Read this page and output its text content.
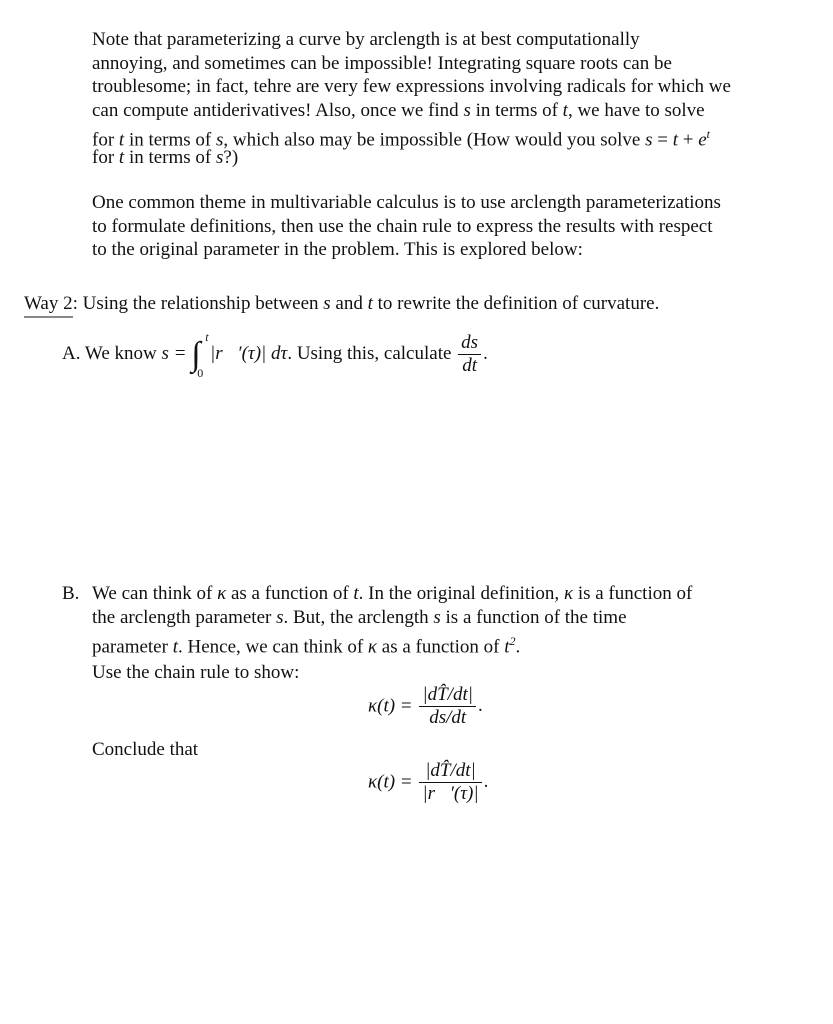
Note that parameterizing a curve by arclength is at best computationally
annoying, and sometimes can be impossible! Integrating square roots can be
troublesome; in fact, tehre are very few expressions involving radicals for which we
can compute antiderivatives! Also, once we find s in terms of t, we have to solve
for t in terms of s, which also may be impossible (How would you solve $s = t + e^t$
for t in terms of s?)
One common theme in multivariable calculus is to use arclength parameterizations
to formulate definitions, then use the chain rule to express the results with respect
to the original parameter in the problem. This is explored below:
Way 2: Using the relationship between s and t to rewrite the definition of curvature.
A. We know s = ∫ t
0
|r⃗′(τ)| dτ. Using this, calculate $\frac{ds}{dt}$ .
B. We can think of κ as a function of t. In the original definition, κ is a function of
the arclength parameter s. But, the arclength s is a function of the time
parameter t. Hence, we can think of κ as a function of $t^2$.
Use the chain rule to show:
$\kappa(t) = \frac{|dT̂/dt|}{ds/dt}$ .
Conclude that
$\kappa(t) = \frac{|dT̂/dt|}{|r⃗'(\tau)|}$ .
